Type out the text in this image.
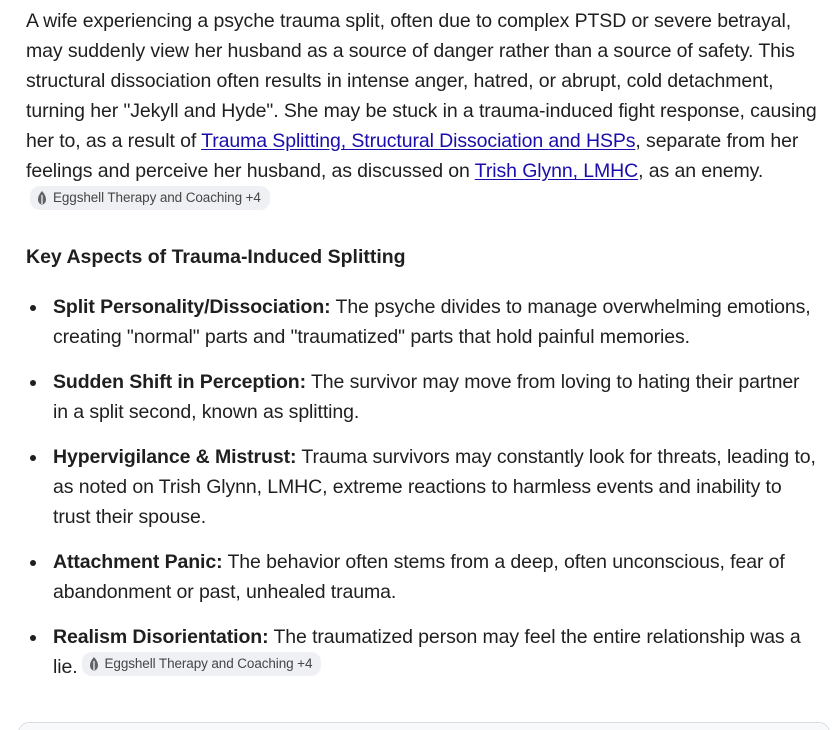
A wife experiencing a psyche trauma split, often due to complex PTSD or severe betrayal, may suddenly view her husband as a source of danger rather than a source of safety. This structural dissociation often results in intense anger, hatred, or abrupt, cold detachment, turning her "Jekyll and Hyde". She may be stuck in a trauma-induced fight response, causing her to, as a result of Trauma Splitting, Structural Dissociation and HSPs, separate from her feelings and perceive her husband, as discussed on Trish Glynn, LMHC, as an enemy.
Eggshell Therapy and Coaching +4

Key Aspects of Trauma-Induced Splitting
Split Personality/Dissociation: The psyche divides to manage overwhelming emotions, creating "normal" parts and "traumatized" parts that hold painful memories.
Sudden Shift in Perception: The survivor may move from loving to hating their partner in a split second, known as splitting.
Hypervigilance & Mistrust: Trauma survivors may constantly look for threats, leading to, as noted on Trish Glynn, LMHC, extreme reactions to harmless events and inability to trust their spouse.
Attachment Panic: The behavior often stems from a deep, often unconscious, fear of abandonment or past, unhealed trauma.
Realism Disorientation: The traumatized person may feel the entire relationship was a lie. Eggshell Therapy and Coaching +4
